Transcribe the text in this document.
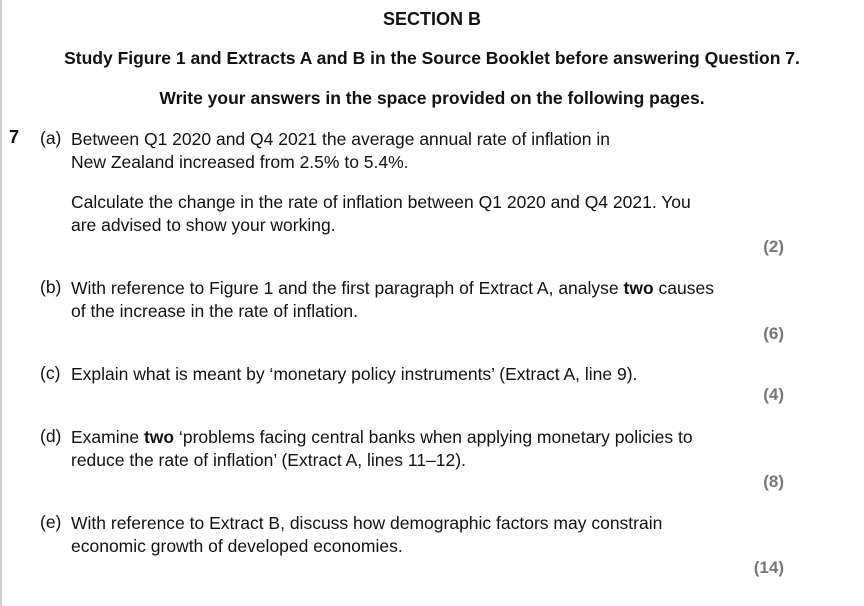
SECTION B
Study Figure 1 and Extracts A and B in the Source Booklet before answering Question 7.
Write your answers in the space provided on the following pages.
7 (a) Between Q1 2020 and Q4 2021 the average annual rate of inflation in
New Zealand increased from 2.5% to 5.4%.
Calculate the change in the rate of inflation between Q1 2020 and Q4 2021. You
are advised to show your working.
(2)
(b) With reference to Figure 1 and the first paragraph of Extract A, analyse two causes
of the increase in the rate of inflation.
(6)
(c) Explain what is meant by ‘monetary policy instruments’ (Extract A, line 9).
(4)
(d) Examine two ‘problems facing central banks when applying monetary policies to
reduce the rate of inflation’ (Extract A, lines 11–12).
(8)
(e) With reference to Extract B, discuss how demographic factors may constrain
economic growth of developed economies.
(14)
